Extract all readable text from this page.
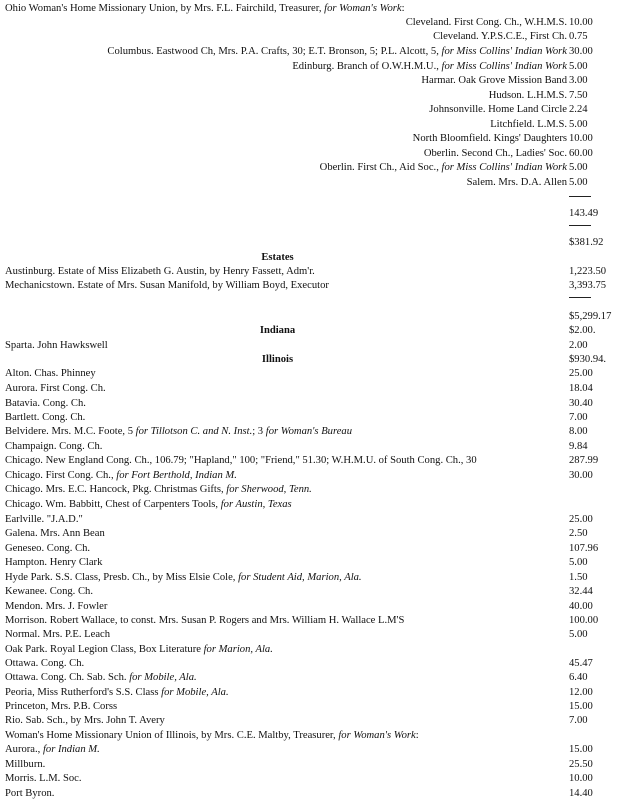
Ohio Woman's Home Missionary Union, by Mrs. F.L. Fairchild, Treasurer, for Woman's Work:
Cleveland. First Cong. Ch., W.H.M.S. 10.00
Cleveland. Y.P.S.C.E., First Ch. 0.75
Columbus. Eastwood Ch, Mrs. P.A. Crafts, 30; E.T. Bronson, 5; P.L. Alcott, 5, for Miss Collins' Indian Work 30.00
Edinburg. Branch of O.W.H.M.U., for Miss Collins' Indian Work 5.00
Harmar. Oak Grove Mission Band 3.00
Hudson. L.H.M.S. 7.50
Johnsonville. Home Land Circle 2.24
Litchfield. L.M.S. 5.00
North Bloomfield. Kings' Daughters 10.00
Oberlin. Second Ch., Ladies' Soc. 60.00
Oberlin. First Ch., Aid Soc., for Miss Collins' Indian Work 5.00
Salem. Mrs. D.A. Allen 5.00
143.49
$381.92
Estates
Austinburg. Estate of Miss Elizabeth G. Austin, by Henry Fassett, Adm'r.	1,223.50
Mechanicstown. Estate of Mrs. Susan Manifold, by William Boyd, Executor	3,393.75
$5,299.17
Indiana	$2.00.
Sparta. John Hawkswell	2.00
Illinois	$930.94.
Alton. Chas. Phinney	25.00
Aurora. First Cong. Ch.	18.04
Batavia. Cong. Ch.	30.40
Bartlett. Cong. Ch.	7.00
Belvidere. Mrs. M.C. Foote, 5 for Tillotson C. and N. Inst.; 3 for Woman's Bureau	8.00
Champaign. Cong. Ch.	9.84
Chicago. New England Cong. Ch., 106.79; "Hapland," 100; "Friend," 51.30; W.H.M.U. of South Cong. Ch., 30	287.99
Chicago. First Cong. Ch., for Fort Berthold, Indian M.	30.00
Chicago. Mrs. E.C. Hancock, Pkg. Christmas Gifts, for Sherwood, Tenn.
Chicago. Wm. Babbitt, Chest of Carpenters Tools, for Austin, Texas
Earlville. "J.A.D."	25.00
Galena. Mrs. Ann Bean	2.50
Geneseo. Cong. Ch.	107.96
Hampton. Henry Clark	5.00
Hyde Park. S.S. Class, Presb. Ch., by Miss Elsie Cole, for Student Aid, Marion, Ala.	1.50
Kewanee. Cong. Ch.	32.44
Mendon. Mrs. J. Fowler	40.00
Morrison. Robert Wallace, to const. Mrs. Susan P. Rogers and Mrs. William H. Wallace L.M'S	100.00
Normal. Mrs. P.E. Leach	5.00
Oak Park. Royal Legion Class, Box Literature for Marion, Ala.
Ottawa. Cong. Ch.	45.47
Ottawa. Cong. Ch. Sab. Sch. for Mobile, Ala.	6.40
Peoria, Miss Rutherford's S.S. Class for Mobile, Ala.	12.00
Princeton, Mrs. P.B. Corss	15.00
Rio. Sab. Sch., by Mrs. John T. Avery	7.00
Woman's Home Missionary Union of Illinois, by Mrs. C.E. Maltby, Treasurer, for Woman's Work:
Aurora., for Indian M.	15.00
Millburn.	25.50
Morris. L.M. Soc.	10.00
Port Byron.	14.40
